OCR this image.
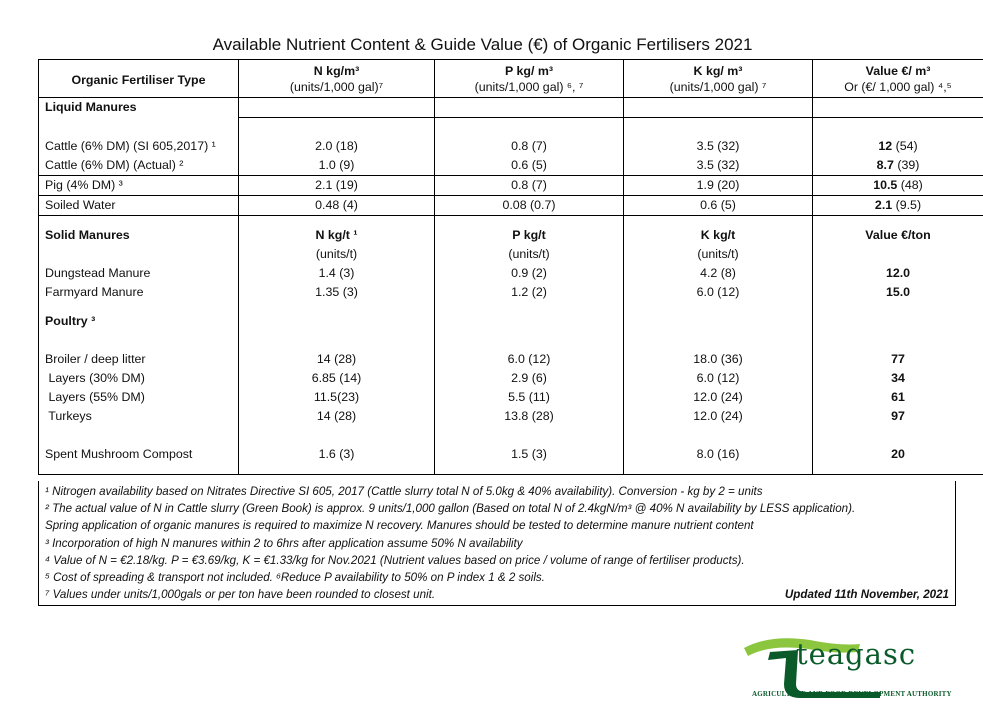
Available Nutrient Content & Guide Value (€) of Organic Fertilisers 2021
Organic Fertiliser Type	N kg/m³	P kg/ m³	K kg/ m³	Value €/ m³
	(units/1,000 gal)⁷	(units/1,000 gal) ⁶, ⁷	(units/1,000 gal) ⁷	Or (€/ 1,000 gal) ⁴,⁵
Liquid Manures				

Cattle (6% DM) (SI 605,2017) ¹	2.0 (18)	0.8 (7)	3.5 (32)	12 (54)
Cattle (6% DM) (Actual) ²	1.0 (9)	0.6 (5)	3.5 (32)	8.7 (39)
Pig (4% DM) ³	2.1 (19)	0.8 (7)	1.9 (20)	10.5 (48)
Soiled Water	0.48 (4)	0.08 (0.7)	0.6 (5)	2.1 (9.5)

Solid Manures	N kg/t ¹	P kg/t	K kg/t	Value €/ton
	(units/t)	(units/t)	(units/t)	
Dungstead Manure	1.4 (3)	0.9 (2)	4.2 (8)	12.0
Farmyard Manure	1.35 (3)	1.2 (2)	6.0 (12)	15.0

Poultry ³				

Broiler / deep litter	14 (28)	6.0 (12)	18.0 (36)	77
Layers (30% DM)	6.85 (14)	2.9 (6)	6.0 (12)	34
Layers (55% DM)	11.5(23)	5.5 (11)	12.0 (24)	61
Turkeys	14 (28)	13.8 (28)	12.0 (24)	97

Spent Mushroom Compost	1.6 (3)	1.5 (3)	8.0 (16)	20

¹ Nitrogen availability based on Nitrates Directive SI 605, 2017 (Cattle slurry total N of 5.0kg & 40% availability). Conversion - kg by 2 = units
² The actual value of N in Cattle slurry (Green Book) is approx. 9 units/1,000 gallon (Based on total N of 2.4kgN/m³ @ 40% N availability by LESS application).
Spring application of organic manures is required to maximize N recovery. Manures should be tested to determine manure nutrient content
³ Incorporation of high N manures within 2 to 6hrs after application assume 50% N availability
⁴ Value of N = €2.18/kg. P = €3.69/kg, K = €1.33/kg for Nov.2021 (Nutrient values based on price / volume of range of fertiliser products).
⁵ Cost of spreading & transport not included. ⁶Reduce P availability to 50% on P index 1 & 2 soils.
⁷ Values under units/1,000gals or per ton have been rounded to closest unit.	Updated 11th November, 2021
teagasc
AGRICULTURE AND FOOD DEVELOPMENT AUTHORITY
